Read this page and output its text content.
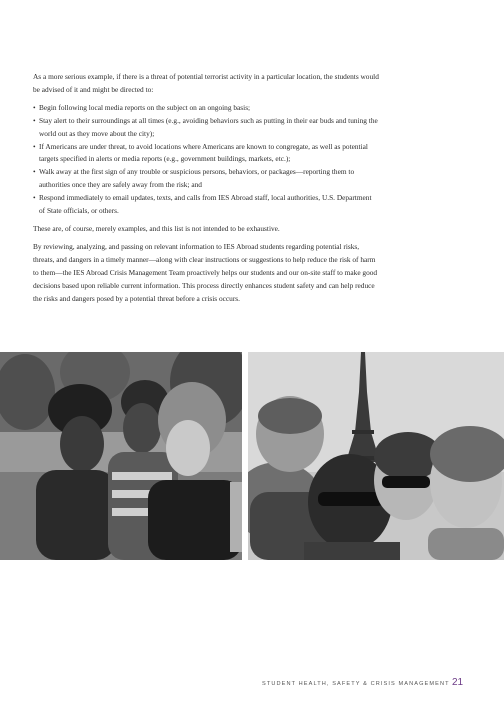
As a more serious example, if there is a threat of potential terrorist activity in a particular location, the students would be advised of it and might be directed to:

• Begin following local media reports on the subject on an ongoing basis;
• Stay alert to their surroundings at all times (e.g., avoiding behaviors such as putting in their ear buds and tuning the world out as they move about the city);
• If Americans are under threat, to avoid locations where Americans are known to congregate, as well as potential targets specified in alerts or media reports (e.g., government buildings, markets, etc.);
• Walk away at the first sign of any trouble or suspicious persons, behaviors, or packages—reporting them to authorities once they are safely away from the risk; and
• Respond immediately to email updates, texts, and calls from IES Abroad staff, local authorities, U.S. Department of State officials, or others.

These are, of course, merely examples, and this list is not intended to be exhaustive.

By reviewing, analyzing, and passing on relevant information to IES Abroad students regarding potential risks, threats, and dangers in a timely manner—along with clear instructions or suggestions to help reduce the risk of harm to them—the IES Abroad Crisis Management Team proactively helps our students and our on-site staff to make good decisions based upon reliable current information. This process directly enhances student safety and can help reduce the risks and dangers posed by a potential threat before a crisis occurs.

STUDENT HEALTH, SAFETY & CRISIS MANAGEMENT 21
